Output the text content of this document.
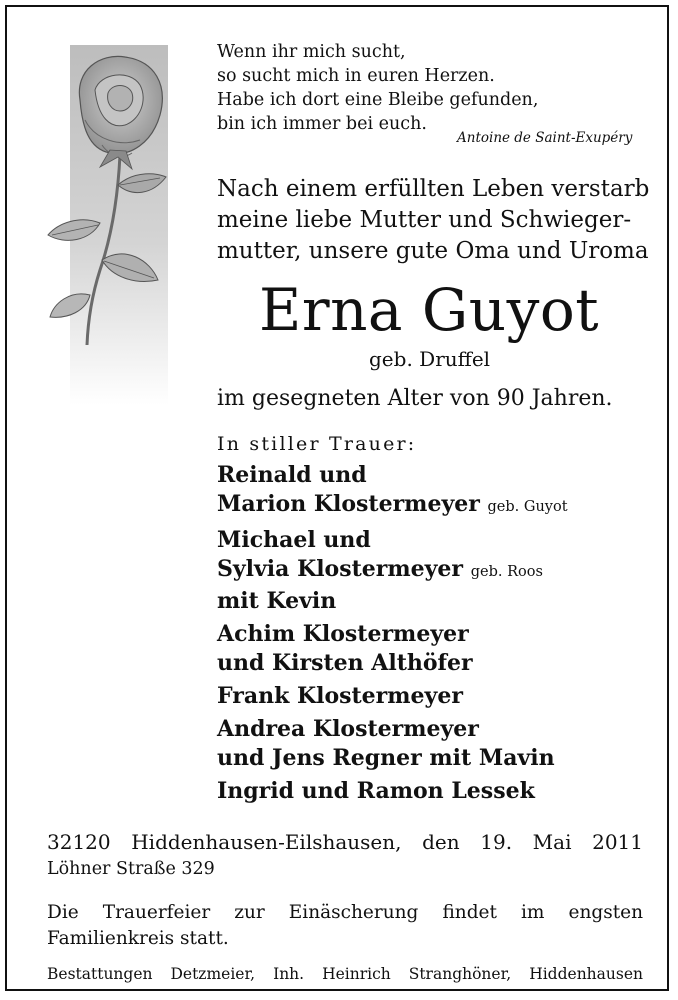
Wenn ihr mich sucht,
so sucht mich in euren Herzen.
Habe ich dort eine Bleibe gefunden,
bin ich immer bei euch.
Antoine de Saint-Exupéry
Nach einem erfüllten Leben verstarb
meine liebe Mutter und Schwieger-
mutter, unsere gute Oma und Uroma
Erna Guyot
geb. Druffel
im gesegneten Alter von 90 Jahren.
In stiller Trauer:
Reinald und
Marion Klostermeyer geb. Guyot
Michael und
Sylvia Klostermeyer geb. Roos
mit Kevin
Achim Klostermeyer
und Kirsten Althöfer
Frank Klostermeyer
Andrea Klostermeyer
und Jens Regner mit Mavin
Ingrid und Ramon Lessek
32120 Hiddenhausen-Eilshausen, den 19. Mai 2011
Löhner Straße 329
Die Trauerfeier zur Einäscherung findet im engsten
Familienkreis statt.
Bestattungen Detzmeier, Inh. Heinrich Stranghöner, Hiddenhausen
